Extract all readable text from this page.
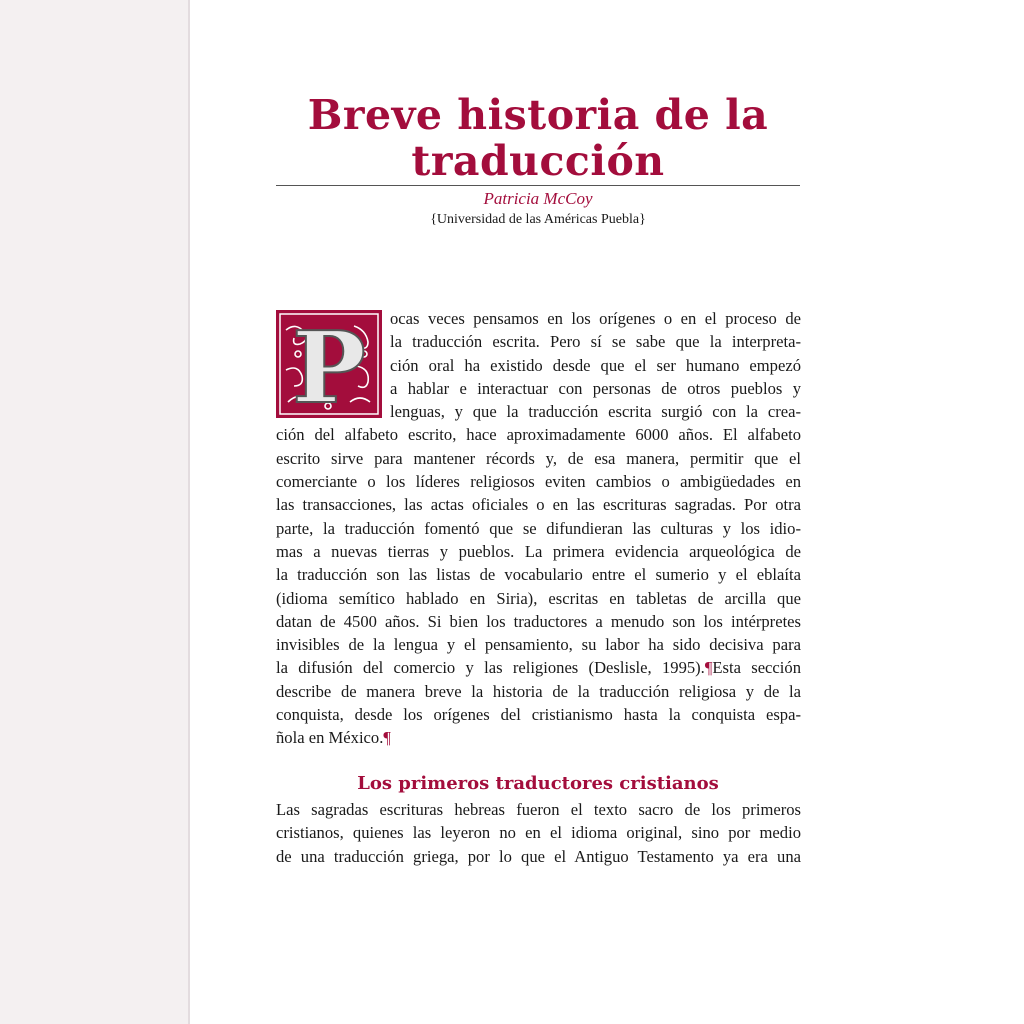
Breve historia de la traducción
Patricia McCoy
{Universidad de las Américas Puebla}
P	ocas veces pensamos en los orígenes o en el proceso de
la traducción escrita. Pero sí se sabe que la interpreta-
ción oral ha existido desde que el ser humano empezó
a hablar e interactuar con personas de otros pueblos y
lenguas, y que la traducción escrita surgió con la crea-
ción del alfabeto escrito, hace aproximadamente 6000 años. El alfabeto
escrito sirve para mantener récords y, de esa manera, permitir que el
comerciante o los líderes religiosos eviten cambios o ambigüedades en
las transacciones, las actas oficiales o en las escrituras sagradas. Por otra
parte, la traducción fomentó que se difundieran las culturas y los idio-
mas a nuevas tierras y pueblos. La primera evidencia arqueológica de
la traducción son las listas de vocabulario entre el sumerio y el eblaíta
(idioma semítico hablado en Siria), escritas en tabletas de arcilla que
datan de 4500 años. Si bien los traductores a menudo son los intérpretes
invisibles de la lengua y el pensamiento, su labor ha sido decisiva para
la difusión del comercio y las religiones (Deslisle, 1995).¶Esta sección
describe de manera breve la historia de la traducción religiosa y de la
conquista, desde los orígenes del cristianismo hasta la conquista espa-
ñola en México.¶
Los primeros traductores cristianos
Las sagradas escrituras hebreas fueron el texto sacro de los primeros
cristianos, quienes las leyeron no en el idioma original, sino por medio
de una traducción griega, por lo que el Antiguo Testamento ya era una
